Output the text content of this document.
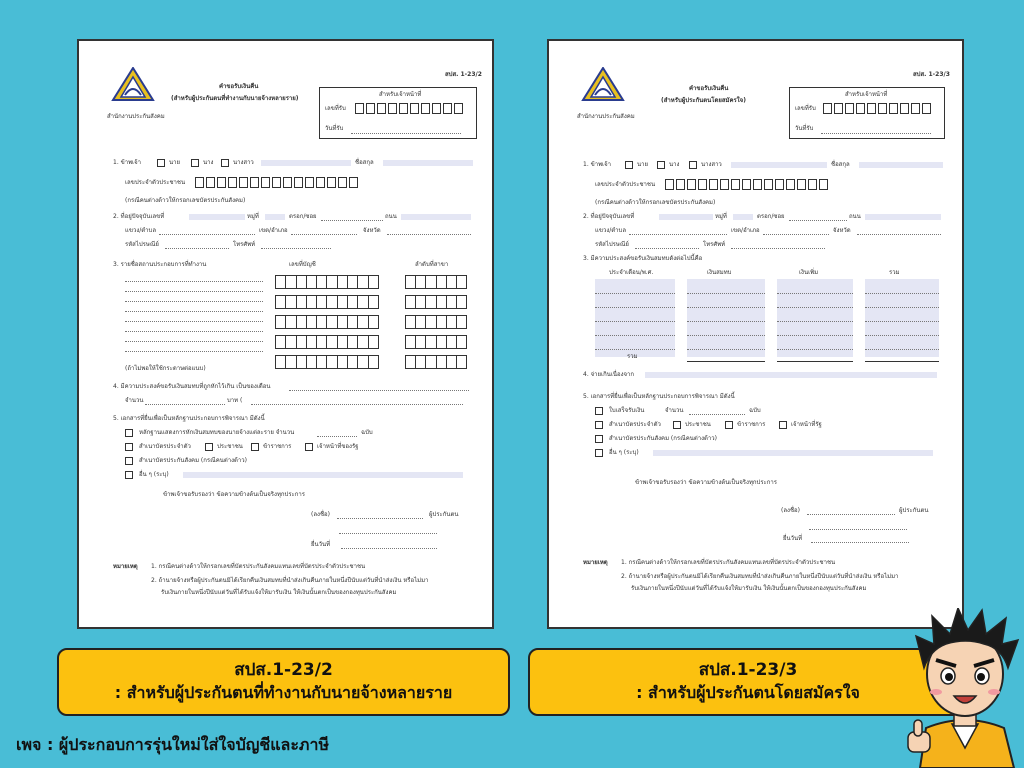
สำนักงานประกันสังคม
คำขอรับเงินคืน
(สำหรับผู้ประกันตนที่ทำงานกับนายจ้างหลายราย)
สปส. 1-23/2
สำหรับเจ้าหน้าที่
เลขที่รับ
วันที่รับ
1. ข้าพเจ้า	นาย	นาง	นางสาว	ชื่อสกุล
เลขประจำตัวประชาชน
(กรณีคนต่างด้าวให้กรอกเลขบัตรประกันสังคม)
2. ที่อยู่ปัจจุบันเลขที่	หมู่ที่	ตรอก/ซอย	ถนน
แขวง/ตำบล	เขต/อำเภอ	จังหวัด
รหัสไปรษณีย์	โทรศัพท์
3. รายชื่อสถานประกอบการที่ทำงาน	เลขที่บัญชี	ลำดับที่สาขา
(ถ้าไม่พอให้ใช้กระดาษต่อแนบ)
4. มีความประสงค์ขอรับเงินสมทบที่ถูกหักไว้เกิน เป็นของเดือน
จำนวน	บาท (
5. เอกสารที่ยื่นเพื่อเป็นหลักฐานประกอบการพิจารณา มีดังนี้
หลักฐานแสดงการหักเงินสมทบของนายจ้างแต่ละราย จำนวน	ฉบับ
สำเนาบัตรประจำตัว	ประชาชน	ข้าราชการ	เจ้าหน้าที่ของรัฐ
สำเนาบัตรประกันสังคม (กรณีคนต่างด้าว)
อื่น ๆ (ระบุ)
ข้าพเจ้าขอรับรองว่า ข้อความข้างต้นเป็นจริงทุกประการ
(ลงชื่อ)	ผู้ประกันตน
ยื่นวันที่
หมายเหตุ 1. กรณีคนต่างด้าวให้กรอกเลขที่บัตรประกันสังคมแทนเลขที่บัตรประจำตัวประชาชน
2. ถ้านายจ้างหรือผู้ประกันตนมิได้เรียกคืนเงินสมทบที่นำส่งเกินคืนภายในหนึ่งปีนับแต่วันที่นำส่งเงิน หรือไม่มา
รับเงินภายในหนึ่งปีนับแต่วันที่ได้รับแจ้งให้มารับเงิน ให้เงินนั้นตกเป็นของกองทุนประกันสังคม
สำนักงานประกันสังคม
คำขอรับเงินคืน
(สำหรับผู้ประกันตนโดยสมัครใจ)
สปส. 1-23/3
สำหรับเจ้าหน้าที่
เลขที่รับ
วันที่รับ
1. ข้าพเจ้า	นาย	นาง	นางสาว	ชื่อสกุล
เลขประจำตัวประชาชน
(กรณีคนต่างด้าวให้กรอกเลขบัตรประกันสังคม)
2. ที่อยู่ปัจจุบันเลขที่	หมู่ที่	ตรอก/ซอย	ถนน
แขวง/ตำบล	เขต/อำเภอ	จังหวัด
รหัสไปรษณีย์	โทรศัพท์
3. มีความประสงค์ขอรับเงินสมทบดังต่อไปนี้คือ
ประจำเดือน/พ.ศ.	เงินสมทบ	เงินเพิ่ม	รวม
รวม
4. จ่ายเกินเนื่องจาก
5. เอกสารที่ยื่นเพื่อเป็นหลักฐานประกอบการพิจารณา มีดังนี้
ใบเสร็จรับเงิน	จำนวน	ฉบับ
สำเนาบัตรประจำตัว	ประชาชน	ข้าราชการ	เจ้าหน้าที่รัฐ
สำเนาบัตรประกันสังคม (กรณีคนต่างด้าว)
อื่น ๆ (ระบุ)
ข้าพเจ้าขอรับรองว่า ข้อความข้างต้นเป็นจริงทุกประการ
(ลงชื่อ)	ผู้ประกันตน
ยื่นวันที่
หมายเหตุ 1. กรณีคนต่างด้าวให้กรอกเลขที่บัตรประกันสังคมแทนเลขที่บัตรประจำตัวประชาชน
2. ถ้านายจ้างหรือผู้ประกันตนมิได้เรียกคืนเงินสมทบที่นำส่งเกินคืนภายในหนึ่งปีนับแต่วันที่นำส่งเงิน หรือไม่มา
รับเงินภายในหนึ่งปีนับแต่วันที่ได้รับแจ้งให้มารับเงิน ให้เงินนั้นตกเป็นของกองทุนประกันสังคม
สปส.1-23/2
: สำหรับผู้ประกันตนที่ทำงานกับนายจ้างหลายราย
สปส.1-23/3
: สำหรับผู้ประกันตนโดยสมัครใจ
เพจ : ผู้ประกอบการรุ่นใหม่ใส่ใจบัญชีและภาษี
